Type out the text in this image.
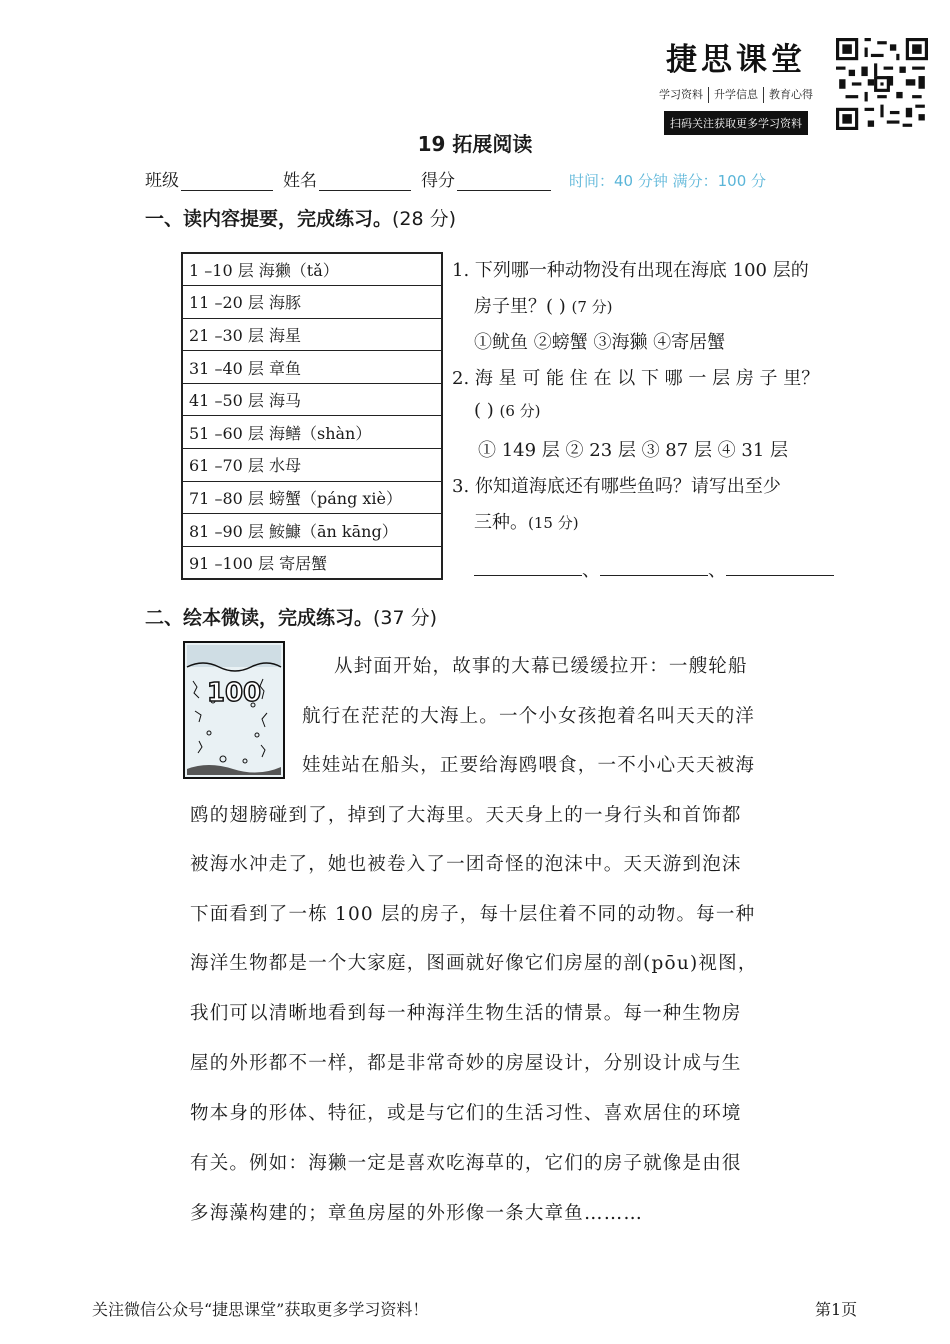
捷思课堂
学习资料	升学信息	教育心得
扫码关注获取更多学习资料
19 拓展阅读
班级	姓名	得分	时间：40 分钟 满分：100 分
一、读内容提要，完成练习。(28 分)
1 –10 层 海獭（tǎ）
11 –20 层 海豚
21 –30 层 海星
31 –40 层 章鱼
41 –50 层 海马
51 –60 层 海鳝（shàn）
61 –70 层 水母
71 –80 层 螃蟹（páng xiè）
81 –90 层 鮟鱇（ān kāng）
91 –100 层 寄居蟹
1. 下列哪一种动物没有出现在海底 100 层的
房子里？( ) (7 分)
①鱿鱼 ②螃蟹 ③海獭 ④寄居蟹
2. 海 星 可 能 住 在 以 下 哪 一 层 房 子 里？
( ) (6 分)
① 149 层 ② 23 层 ③ 87 层 ④ 31 层
3. 你知道海底还有哪些鱼吗？请写出至少
三种。(15 分)
、	、
二、绘本微读，完成练习。(37 分)
100
从封面开始，故事的大幕已缓缓拉开：一艘轮船
航行在茫茫的大海上。一个小女孩抱着名叫天天的洋
娃娃站在船头，正要给海鸥喂食，一不小心天天被海
鸥的翅膀碰到了，掉到了大海里。天天身上的一身行头和首饰都
被海水冲走了，她也被卷入了一团奇怪的泡沫中。天天游到泡沫
下面看到了一栋 100 层的房子，每十层住着不同的动物。每一种
海洋生物都是一个大家庭，图画就好像它们房屋的剖(pōu)视图，
我们可以清晰地看到每一种海洋生物生活的情景。每一种生物房
屋的外形都不一样，都是非常奇妙的房屋设计，分别设计成与生
物本身的形体、特征，或是与它们的生活习性、喜欢居住的环境
有关。例如：海獭一定是喜欢吃海草的，它们的房子就像是由很
多海藻构建的；章鱼房屋的外形像一条大章鱼………
关注微信公众号“捷思课堂”获取更多学习资料！	第1页
